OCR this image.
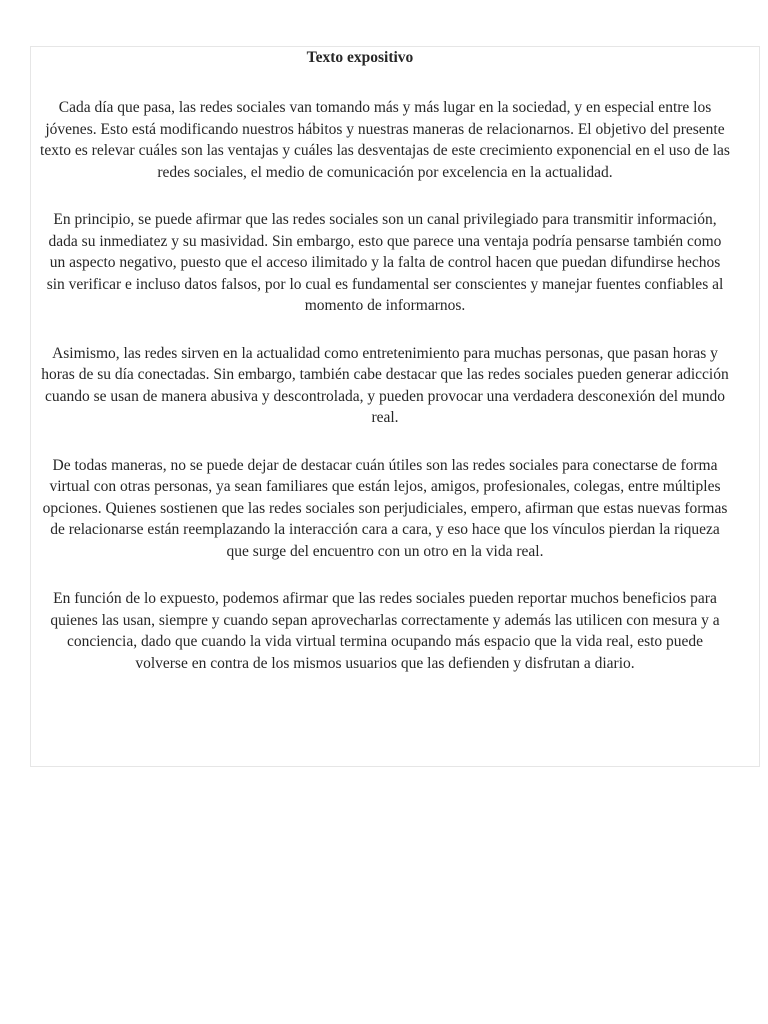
Texto expositivo

Cada día que pasa, las redes sociales van tomando más y más lugar en la sociedad, y en especial entre los jóvenes. Esto está modificando nuestros hábitos y nuestras maneras de relacionarnos. El objetivo del presente texto es relevar cuáles son las ventajas y cuáles las desventajas de este crecimiento exponencial en el uso de las redes sociales, el medio de comunicación por excelencia en la actualidad.

En principio, se puede afirmar que las redes sociales son un canal privilegiado para transmitir información, dada su inmediatez y su masividad. Sin embargo, esto que parece una ventaja podría pensarse también como un aspecto negativo, puesto que el acceso ilimitado y la falta de control hacen que puedan difundirse hechos sin verificar e incluso datos falsos, por lo cual es fundamental ser conscientes y manejar fuentes confiables al momento de informarnos.

Asimismo, las redes sirven en la actualidad como entretenimiento para muchas personas, que pasan horas y horas de su día conectadas. Sin embargo, también cabe destacar que las redes sociales pueden generar adicción cuando se usan de manera abusiva y descontrolada, y pueden provocar una verdadera desconexión del mundo real.

De todas maneras, no se puede dejar de destacar cuán útiles son las redes sociales para conectarse de forma virtual con otras personas, ya sean familiares que están lejos, amigos, profesionales, colegas, entre múltiples opciones. Quienes sostienen que las redes sociales son perjudiciales, empero, afirman que estas nuevas formas de relacionarse están reemplazando la interacción cara a cara, y eso hace que los vínculos pierdan la riqueza que surge del encuentro con un otro en la vida real.

En función de lo expuesto, podemos afirmar que las redes sociales pueden reportar muchos beneficios para quienes las usan, siempre y cuando sepan aprovecharlas correctamente y además las utilicen con mesura y a conciencia, dado que cuando la vida virtual termina ocupando más espacio que la vida real, esto puede volverse en contra de los mismos usuarios que las defienden y disfrutan a diario.
